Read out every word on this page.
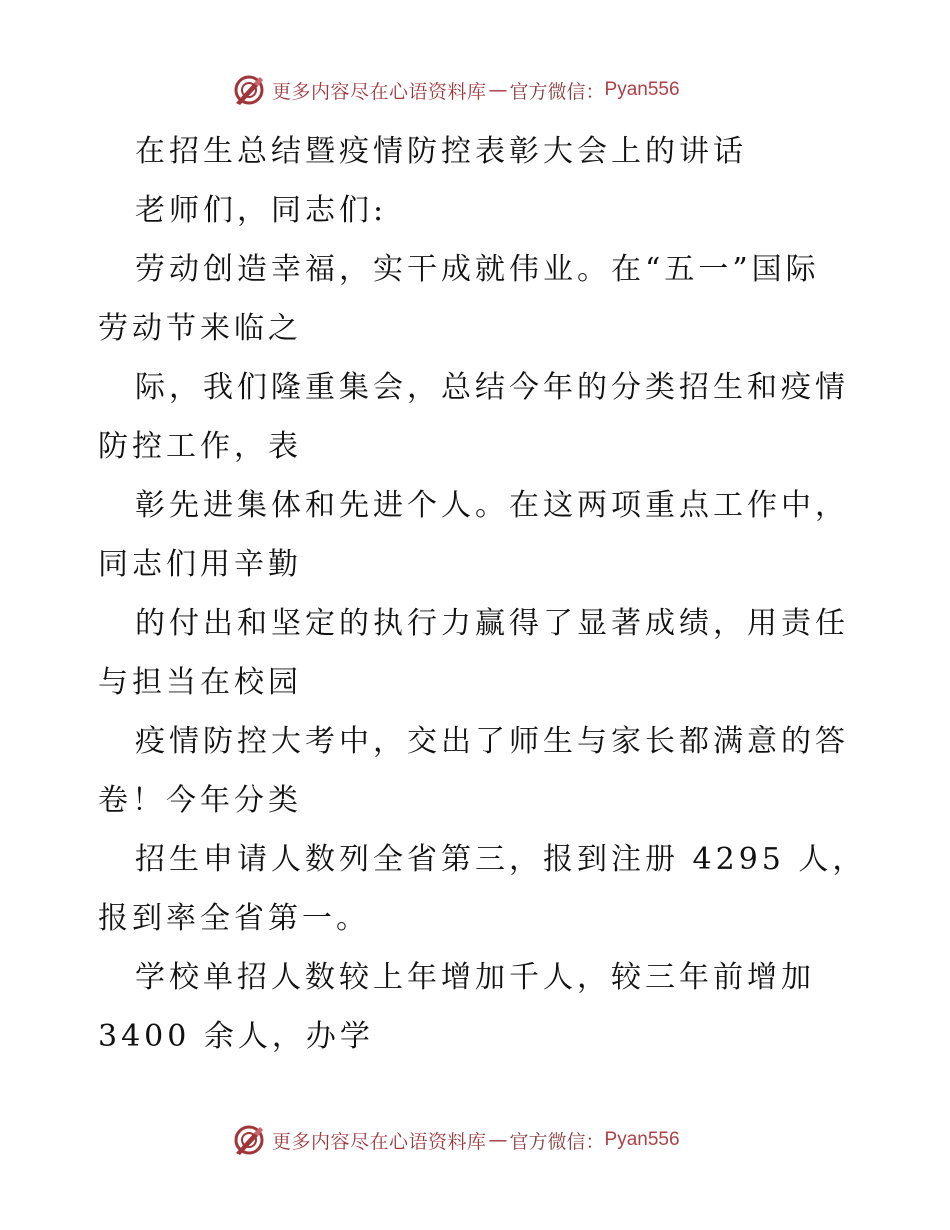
更多内容尽在心语资料库 — 官方微信： Pyan556

在招生总结暨疫情防控表彰大会上的讲话

老师们，同志们:

劳动创造幸福，实干成就伟业。在“五一”国际

劳动节来临之

际，我们隆重集会，总结今年的分类招生和疫情

防控工作，表

彰先进集体和先进个人。在这两项重点工作中，

同志们用辛勤

的付出和坚定的执行力赢得了显著成绩，用责任

与担当在校园

疫情防控大考中，交出了师生与家长都满意的答

卷！今年分类

招生申请人数列全省第三，报到注册 4295 人，

报到率全省第一。

学校单招人数较上年增加千人，较三年前增加

3400 余人，办学

更多内容尽在心语资料库 — 官方微信： Pyan556
